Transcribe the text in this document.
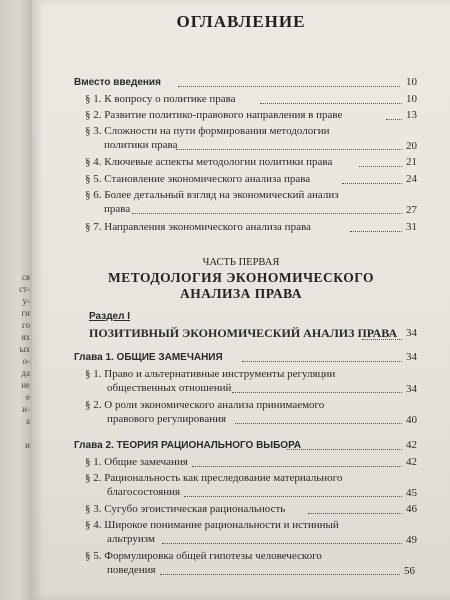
ся
ст-
у-
ги
го
ях
ых
о-
да
ие
е
и-
а
и
ОГЛАВЛЕНИЕ
Вместо введения	10
§ 1. К вопросу о политике права	10
§ 2. Развитие политико-правового направления в праве	13
§ 3. Сложности на пути формирования методологии
политики права	20
§ 4. Ключевые аспекты методологии политики права	21
§ 5. Становление экономического анализа права	24
§ 6. Более детальный взгляд на экономический анализ
права	27
§ 7. Направления экономического анализа права	31
ЧАСТЬ ПЕРВАЯ
МЕТОДОЛОГИЯ ЭКОНОМИЧЕСКОГО
АНАЛИЗА ПРАВА
Раздел I
ПОЗИТИВНЫЙ ЭКОНОМИЧЕСКИЙ АНАЛИЗ ПРАВА 34
Глава 1. ОБЩИЕ ЗАМЕЧАНИЯ	34
§ 1. Право и альтернативные инструменты регуляции
общественных отношений	34
§ 2. О роли экономического анализа принимаемого
правового регулирования	40
Глава 2. ТЕОРИЯ РАЦИОНАЛЬНОГО ВЫБОРА	42
§ 1. Общие замечания	42
§ 2. Рациональность как преследование материального
благосостояния	45
§ 3. Сугубо эгоистическая рациональность	46
§ 4. Широкое понимание рациональности и истинный
альтруизм	49
§ 5. Формулировка общей гипотезы человеческого
поведения	56
